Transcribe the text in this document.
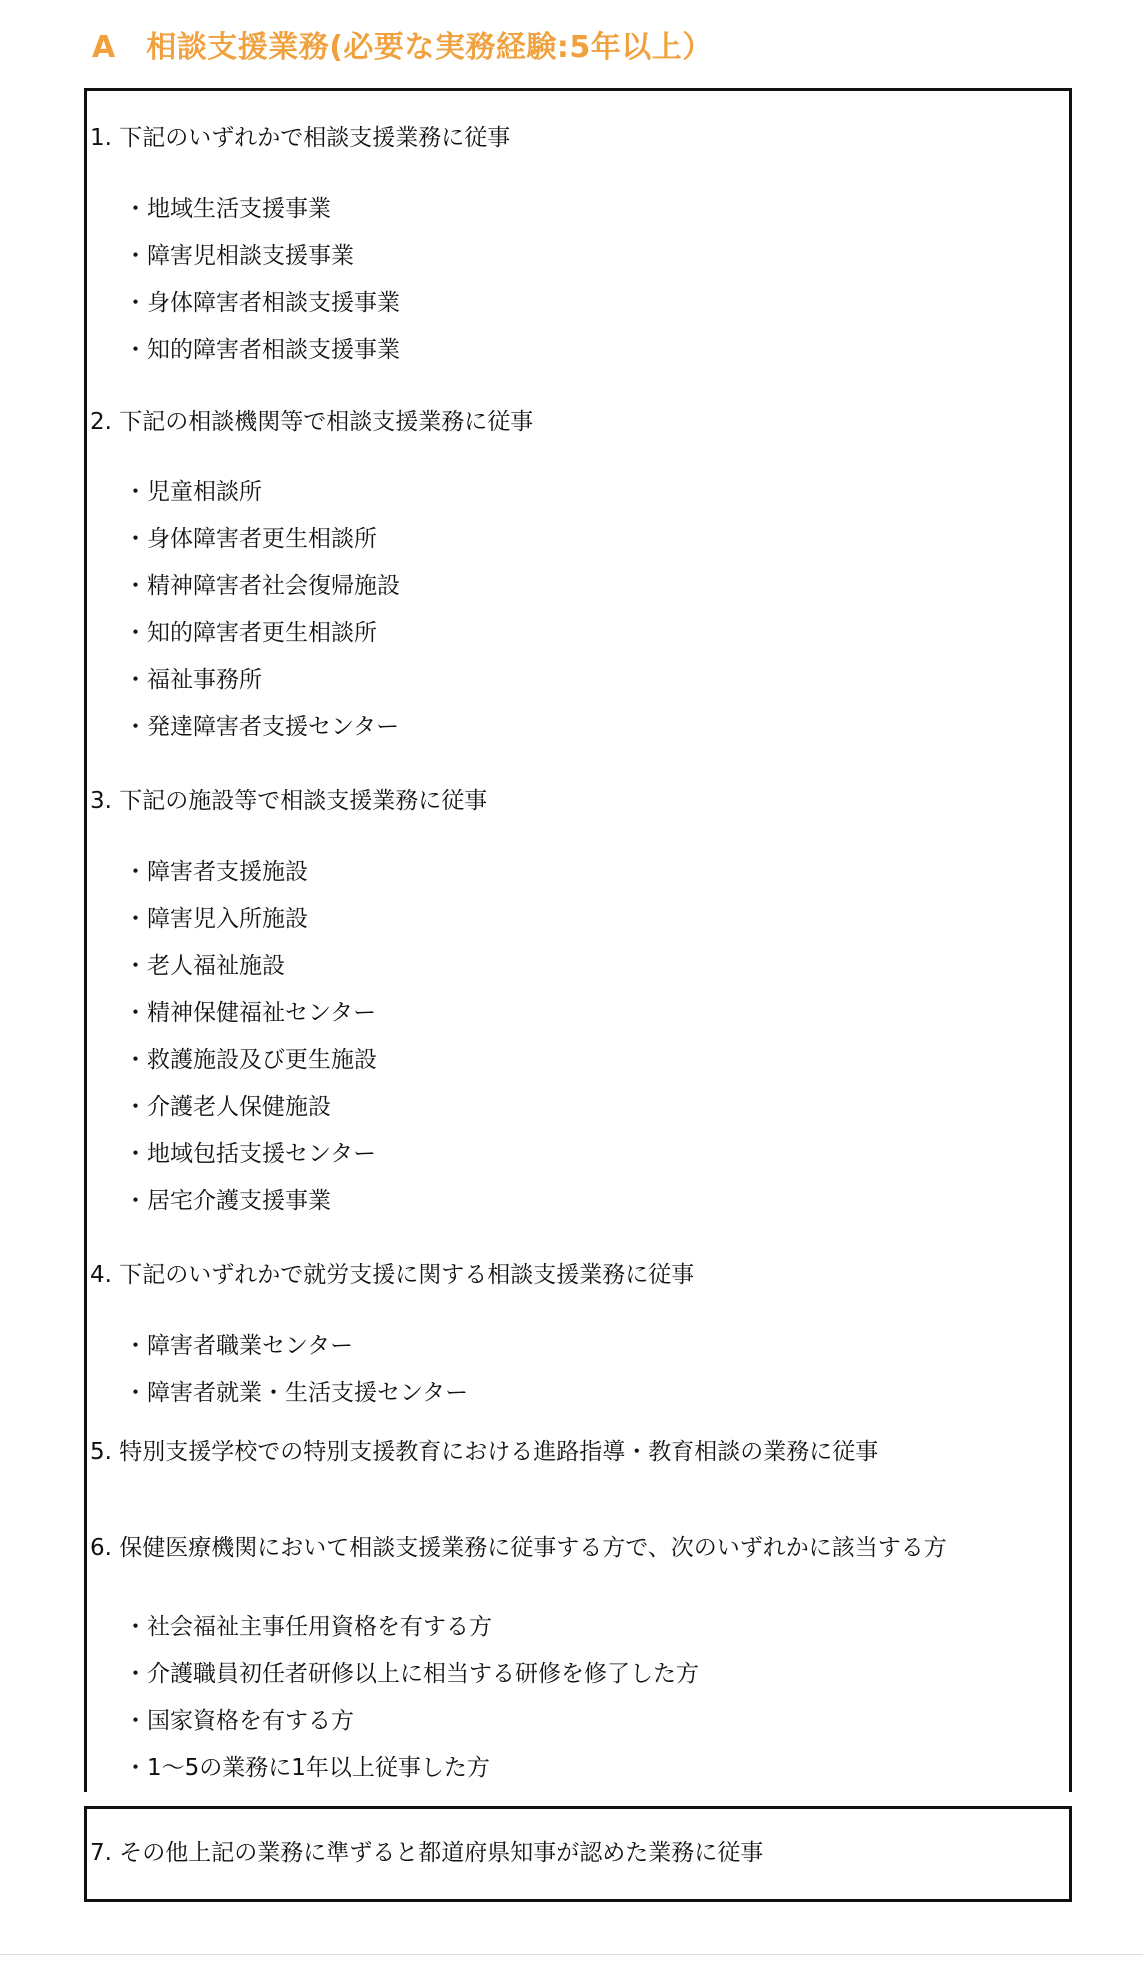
A　相談支援業務(必要な実務経験:5年以上）
1. 下記のいずれかで相談支援業務に従事
・地域生活支援事業
・障害児相談支援事業
・身体障害者相談支援事業
・知的障害者相談支援事業
2. 下記の相談機関等で相談支援業務に従事
・児童相談所
・身体障害者更生相談所
・精神障害者社会復帰施設
・知的障害者更生相談所
・福祉事務所
・発達障害者支援センター
3. 下記の施設等で相談支援業務に従事
・障害者支援施設
・障害児入所施設
・老人福祉施設
・精神保健福祉センター
・救護施設及び更生施設
・介護老人保健施設
・地域包括支援センター
・居宅介護支援事業
4. 下記のいずれかで就労支援に関する相談支援業務に従事
・障害者職業センター
・障害者就業・生活支援センター
5. 特別支援学校での特別支援教育における進路指導・教育相談の業務に従事
6. 保健医療機関において相談支援業務に従事する方で、次のいずれかに該当する方
・社会福祉主事任用資格を有する方
・介護職員初任者研修以上に相当する研修を修了した方
・国家資格を有する方
・1～5の業務に1年以上従事した方
7. その他上記の業務に準ずると都道府県知事が認めた業務に従事
